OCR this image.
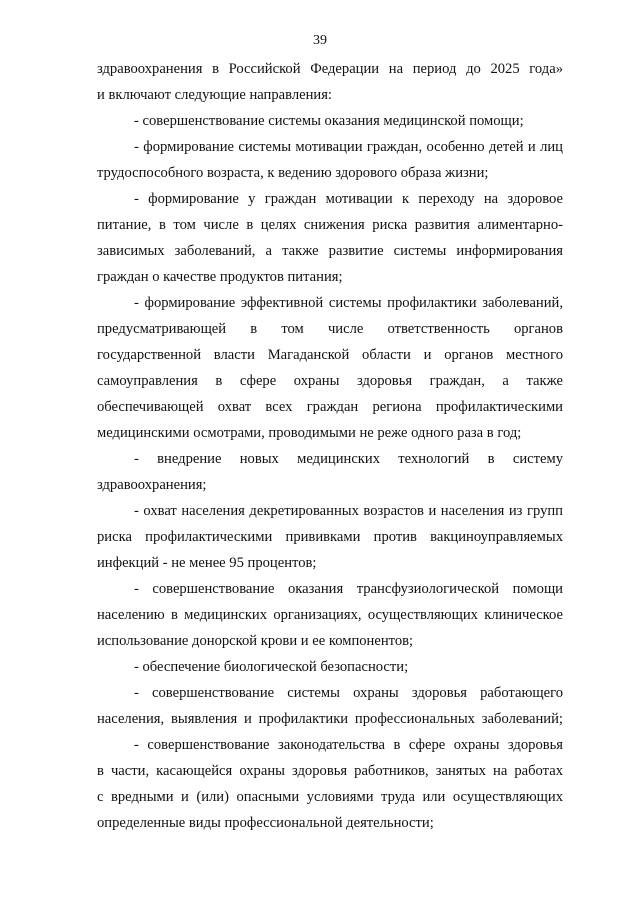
39
здравоохранения в Российской Федерации на период до 2025 года»
и включают следующие направления:
- совершенствование системы оказания медицинской помощи;
- формирование системы мотивации граждан, особенно детей и лиц
трудоспособного возраста, к ведению здорового образа жизни;
- формирование у граждан мотивации к переходу на здоровое
питание, в том числе в целях снижения риска развития алиментарно-
зависимых заболеваний, а также развитие системы информирования
граждан о качестве продуктов питания;
- формирование эффективной системы профилактики заболеваний,
предусматривающей в том числе ответственность органов
государственной власти Магаданской области и органов местного
самоуправления в сфере охраны здоровья граждан, а также
обеспечивающей охват всех граждан региона профилактическими
медицинскими осмотрами, проводимыми не реже одного раза в год;
- внедрение новых медицинских технологий в систему
здравоохранения;
- охват населения декретированных возрастов и населения из групп
риска профилактическими прививками против вакциноуправляемых
инфекций - не менее 95 процентов;
- совершенствование оказания трансфузиологической помощи
населению в медицинских организациях, осуществляющих клиническое
использование донорской крови и ее компонентов;
- обеспечение биологической безопасности;
- совершенствование системы охраны здоровья работающего
населения, выявления и профилактики профессиональных заболеваний;
- совершенствование законодательства в сфере охраны здоровья
в части, касающейся охраны здоровья работников, занятых на работах
с вредными и (или) опасными условиями труда или осуществляющих
определенные виды профессиональной деятельности;
